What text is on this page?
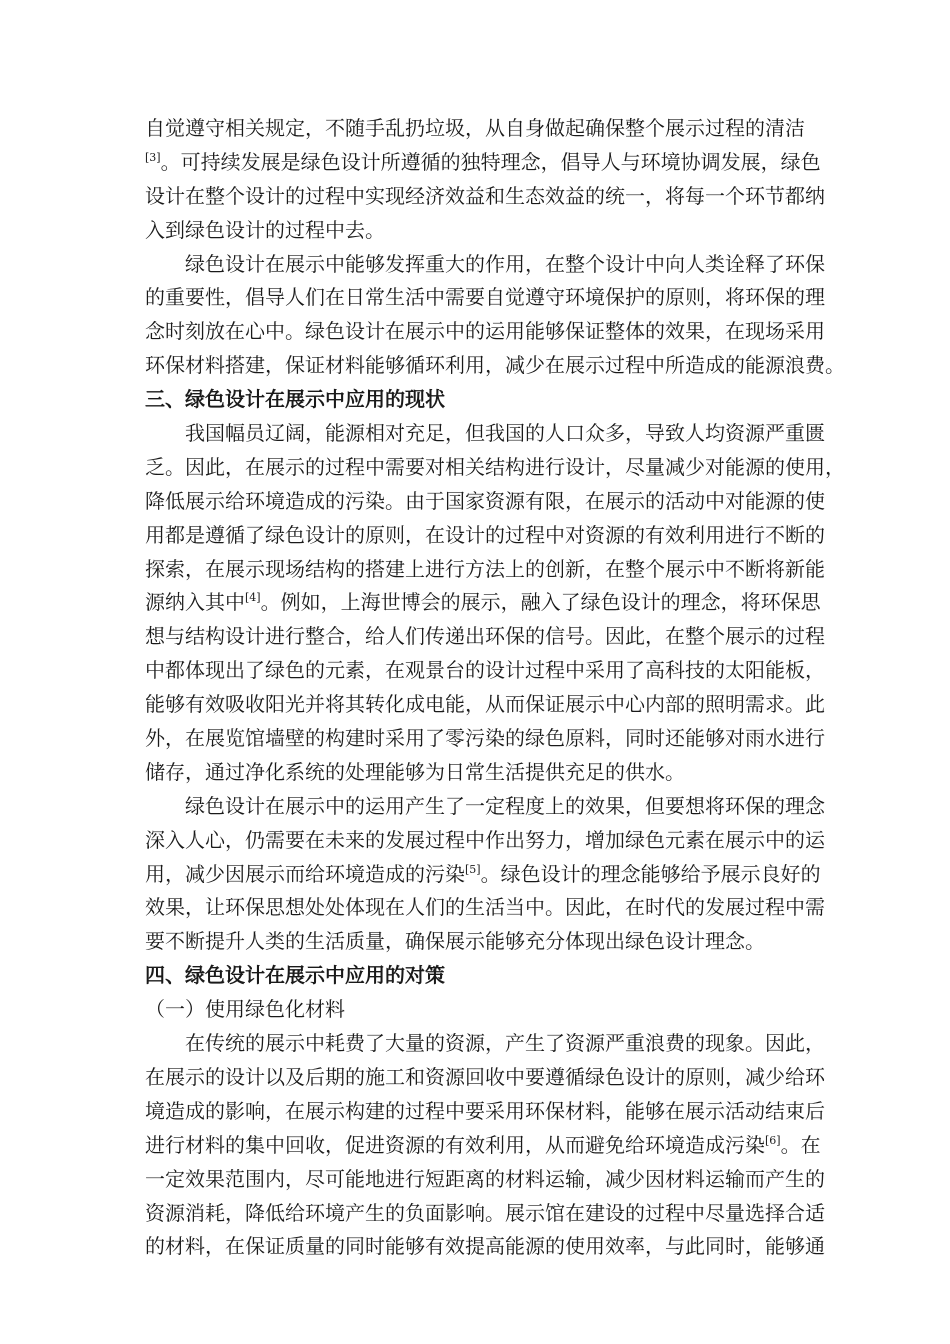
自觉遵守相关规定，不随手乱扔垃圾，从自身做起确保整个展示过程的清洁
[3]。可持续发展是绿色设计所遵循的独特理念，倡导人与环境协调发展，绿色
设计在整个设计的过程中实现经济效益和生态效益的统一，将每一个环节都纳
入到绿色设计的过程中去。
绿色设计在展示中能够发挥重大的作用，在整个设计中向人类诠释了环保
的重要性，倡导人们在日常生活中需要自觉遵守环境保护的原则，将环保的理
念时刻放在心中。绿色设计在展示中的运用能够保证整体的效果，在现场采用
环保材料搭建，保证材料能够循环利用，减少在展示过程中所造成的能源浪费。
三、绿色设计在展示中应用的现状
我国幅员辽阔，能源相对充足，但我国的人口众多，导致人均资源严重匮
乏。因此，在展示的过程中需要对相关结构进行设计，尽量减少对能源的使用，
降低展示给环境造成的污染。由于国家资源有限，在展示的活动中对能源的使
用都是遵循了绿色设计的原则，在设计的过程中对资源的有效利用进行不断的
探索，在展示现场结构的搭建上进行方法上的创新，在整个展示中不断将新能
源纳入其中[4]。例如，上海世博会的展示，融入了绿色设计的理念，将环保思
想与结构设计进行整合，给人们传递出环保的信号。因此，在整个展示的过程
中都体现出了绿色的元素，在观景台的设计过程中采用了高科技的太阳能板，
能够有效吸收阳光并将其转化成电能，从而保证展示中心内部的照明需求。此
外，在展览馆墙壁的构建时采用了零污染的绿色原料，同时还能够对雨水进行
储存，通过净化系统的处理能够为日常生活提供充足的供水。
绿色设计在展示中的运用产生了一定程度上的效果，但要想将环保的理念
深入人心，仍需要在未来的发展过程中作出努力，增加绿色元素在展示中的运
用，减少因展示而给环境造成的污染[5]。绿色设计的理念能够给予展示良好的
效果，让环保思想处处体现在人们的生活当中。因此，在时代的发展过程中需
要不断提升人类的生活质量，确保展示能够充分体现出绿色设计理念。
四、绿色设计在展示中应用的对策
（一）使用绿色化材料
在传统的展示中耗费了大量的资源，产生了资源严重浪费的现象。因此，
在展示的设计以及后期的施工和资源回收中要遵循绿色设计的原则，减少给环
境造成的影响，在展示构建的过程中要采用环保材料，能够在展示活动结束后
进行材料的集中回收，促进资源的有效利用，从而避免给环境造成污染[6]。在
一定效果范围内，尽可能地进行短距离的材料运输，减少因材料运输而产生的
资源消耗，降低给环境产生的负面影响。展示馆在建设的过程中尽量选择合适
的材料，在保证质量的同时能够有效提高能源的使用效率，与此同时，能够通
